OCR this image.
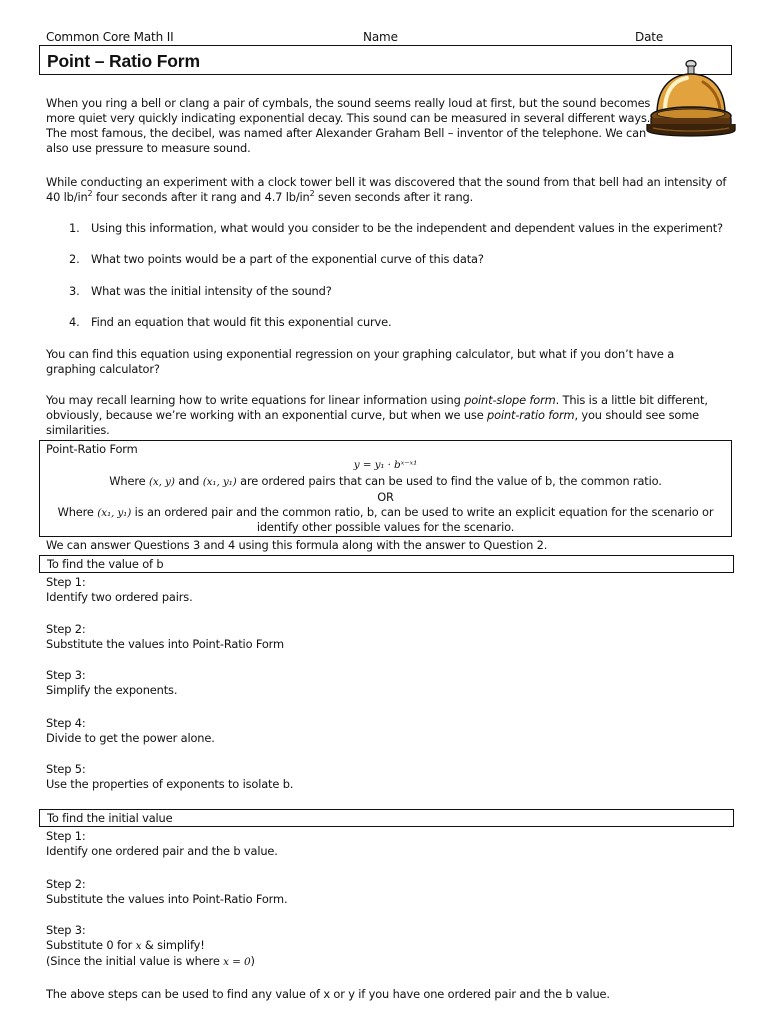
Common Core Math II	Name	Date
Point – Ratio Form
When you ring a bell or clang a pair of cymbals, the sound seems really loud at first, but the sound becomes
more quiet very quickly indicating exponential decay. This sound can be measured in several different ways.
The most famous, the decibel, was named after Alexander Graham Bell – inventor of the telephone. We can
also use pressure to measure sound.
While conducting an experiment with a clock tower bell it was discovered that the sound from that bell had an intensity of
40 $lb/in^2$ four seconds after it rang and 4.7 $lb/in^2$ seven seconds after it rang.
1. Using this information, what would you consider to be the independent and dependent values in the experiment?
2. What two points would be a part of the exponential curve of this data?
3. What was the initial intensity of the sound?
4. Find an equation that would fit this exponential curve.
You can find this equation using exponential regression on your graphing calculator, but what if you don’t have a
graphing calculator?
You may recall learning how to write equations for linear information using point-slope form. This is a little bit different,
obviously, because we’re working with an exponential curve, but when we use point-ratio form, you should see some
similarities.
Point-Ratio Form
y = y₁ · bˣ⁻ˣ¹
Where (x, y) and (x₁, y₁) are ordered pairs that can be used to find the value of b, the common ratio.
OR
Where (x₁, y₁) is an ordered pair and the common ratio, b, can be used to write an explicit equation for the scenario or
identify other possible values for the scenario.
We can answer Questions 3 and 4 using this formula along with the answer to Question 2.
To find the value of b
Step 1:
Identify two ordered pairs.
Step 2:
Substitute the values into Point-Ratio Form
Step 3:
Simplify the exponents.
Step 4:
Divide to get the power alone.
Step 5:
Use the properties of exponents to isolate b.
To find the initial value
Step 1:
Identify one ordered pair and the b value.
Step 2:
Substitute the values into Point-Ratio Form.
Step 3:
Substitute 0 for x & simplify!
(Since the initial value is where x = 0)
The above steps can be used to find any value of x or y if you have one ordered pair and the b value.
